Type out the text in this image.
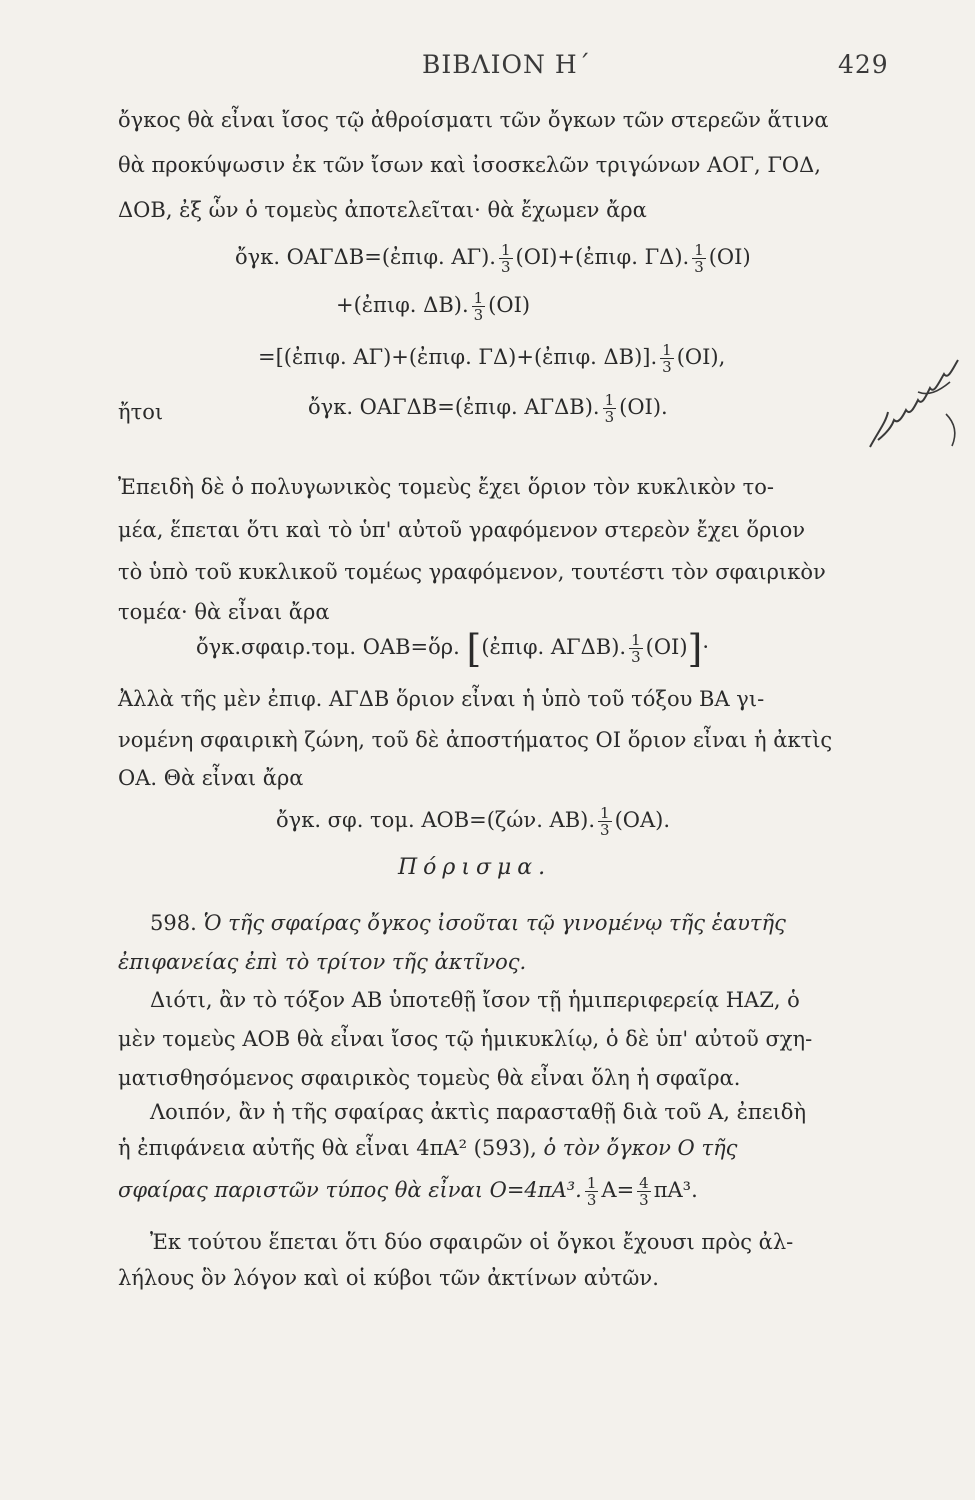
ΒΙΒΛΙΟΝ Η΄	429
ὄγκος θὰ εἶναι ἴσος τῷ ἀθροίσματι τῶν ὄγκων τῶν στερεῶν ἅτινα
θὰ προκύψωσιν ἐκ τῶν ἴσων καὶ ἰσοσκελῶν τριγώνων ΑΟΓ, ΓΟΔ,
ΔΟΒ, ἐξ ὧν ὁ τομεὺς ἀποτελεῖται· θὰ ἔχωμεν ἄρα
ὄγκ. ΟΑΓΔΒ=(ἐπιφ. ΑΓ). $\frac{1}{3}$ (ΟΙ)+(ἐπιφ. ΓΔ). $\frac{1}{3} (OI)$
+(ἐπιφ. ΔΒ). $\frac{1}{3} (OI)$
=[(ἐπιφ. ΑΓ)+(ἐπιφ. ΓΔ)+(ἐπιφ. ΔΒ)]. $\frac{1}{3} (OI)$,
ἤτοι	ὄγκ. ΟΑΓΔΒ=(ἐπιφ. ΑΓΔΒ). $\frac{1}{3} (OI)$.
Ἐπειδὴ δὲ ὁ πολυγωνικὸς τομεὺς ἔχει ὅριον τὸν κυκλικὸν το-
μέα, ἕπεται ὅτι καὶ τὸ ὑπ' αὐτοῦ γραφόμενον στερεὸν ἔχει ὅριον
τὸ ὑπὸ τοῦ κυκλικοῦ τομέως γραφόμενον, τουτέστι τὸν σφαιρικὸν
τομέα· θὰ εἶναι ἄρα
ὄγκ.σφαιρ.τομ. ΟΑΒ=ὅρ. [(ἐπιφ. ΑΓΔΒ). $\frac{1}{3} (OI)]\cdot$
Ἀλλὰ τῆς μὲν ἐπιφ. ΑΓΔΒ ὅριον εἶναι ἡ ὑπὸ τοῦ τόξου ΒΑ γι-
νομένη σφαιρικὴ ζώνη, τοῦ δὲ ἀποστήματος ΟΙ ὅριον εἶναι ἡ ἀκτὶς
ΟΑ. Θὰ εἶναι ἄρα
ὄγκ. σφ. τομ. ΑΟΒ=(ζών. ΑΒ). $\frac{1}{3} (OA)$.
Πόρισμα.
598. Ὁ τῆς σφαίρας ὄγκος ἰσοῦται τῷ γινομένῳ τῆς ἑαυτῆς
ἐπιφανείας ἐπὶ τὸ τρίτον τῆς ἀκτῖνος.
Διότι, ἂν τὸ τόξον ΑΒ ὑποτεθῇ ἴσον τῇ ἡμιπεριφερείᾳ ΗΑΖ, ὁ
μὲν τομεὺς ΑΟΒ θὰ εἶναι ἴσος τῷ ἡμικυκλίῳ, ὁ δὲ ὑπ' αὐτοῦ σχη-
ματισθησόμενος σφαιρικὸς τομεὺς θὰ εἶναι ὅλη ἡ σφαῖρα.
Λοιπόν, ἂν ἡ τῆς σφαίρας ἀκτὶς παρασταθῇ διὰ τοῦ Α, ἐπειδὴ
ἡ ἐπιφάνεια αὐτῆς θὰ εἶναι 4πΑ² (593), ὁ τὸν ὄγκον Ο τῆς
σφαίρας παριστῶν τύπος θὰ εἶναι Ο=4πΑ³. $\frac{1}{3} A= \frac{4}{3} \pi A^3$.
Ἐκ τούτου ἕπεται ὅτι δύο σφαιρῶν οἱ ὄγκοι ἔχουσι πρὸς ἀλ-
λήλους ὃν λόγον καὶ οἱ κύβοι τῶν ἀκτίνων αὐτῶν.
